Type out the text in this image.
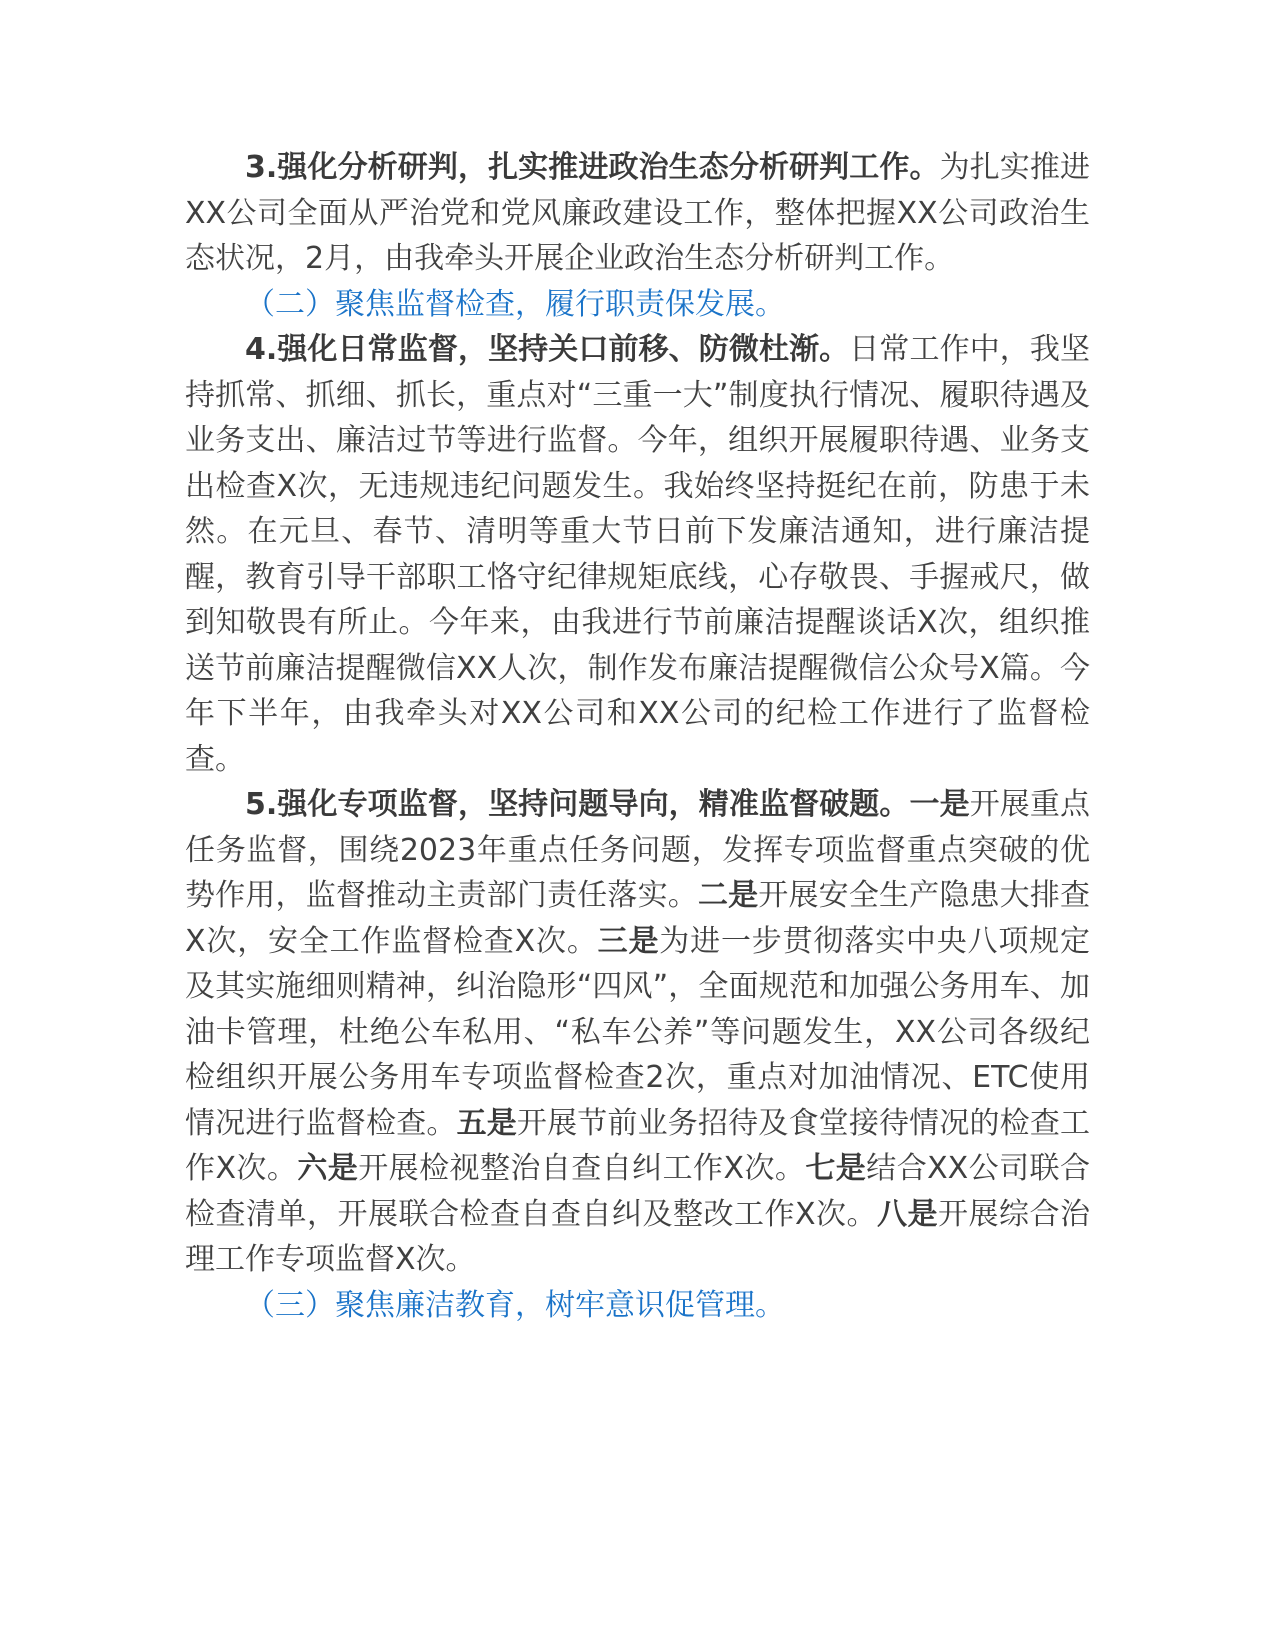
3.强化分析研判，扎实推进政治生态分析研判工作。为扎实推进XX公司全面从严治党和党风廉政建设工作，整体把握XX公司政治生态状况，2月，由我牵头开展企业政治生态分析研判工作。

（二）聚焦监督检查，履行职责保发展。

4.强化日常监督，坚持关口前移、防微杜渐。日常工作中，我坚持抓常、抓细、抓长，重点对“三重一大”制度执行情况、履职待遇及业务支出、廉洁过节等进行监督。今年，组织开展履职待遇、业务支出检查X次，无违规违纪问题发生。我始终坚持挺纪在前，防患于未然。在元旦、春节、清明等重大节日前下发廉洁通知，进行廉洁提醒，教育引导干部职工恪守纪律规矩底线，心存敬畏、手握戒尺，做到知敬畏有所止。今年来，由我进行节前廉洁提醒谈话X次，组织推送节前廉洁提醒微信XX人次，制作发布廉洁提醒微信公众号X篇。今年下半年，由我牵头对XX公司和XX公司的纪检工作进行了监督检查。

5.强化专项监督，坚持问题导向，精准监督破题。一是开展重点任务监督，围绕2023年重点任务问题，发挥专项监督重点突破的优势作用，监督推动主责部门责任落实。二是开展安全生产隐患大排查X次，安全工作监督检查X次。三是为进一步贯彻落实中央八项规定及其实施细则精神，纠治隐形“四风”，全面规范和加强公务用车、加油卡管理，杜绝公车私用、“私车公养”等问题发生，XX公司各级纪检组织开展公务用车专项监督检查2次，重点对加油情况、ETC使用情况进行监督检查。五是开展节前业务招待及食堂接待情况的检查工作X次。六是开展检视整治自查自纠工作X次。七是结合XX公司联合检查清单，开展联合检查自查自纠及整改工作X次。八是开展综合治理工作专项监督X次。

（三）聚焦廉洁教育，树牢意识促管理。
